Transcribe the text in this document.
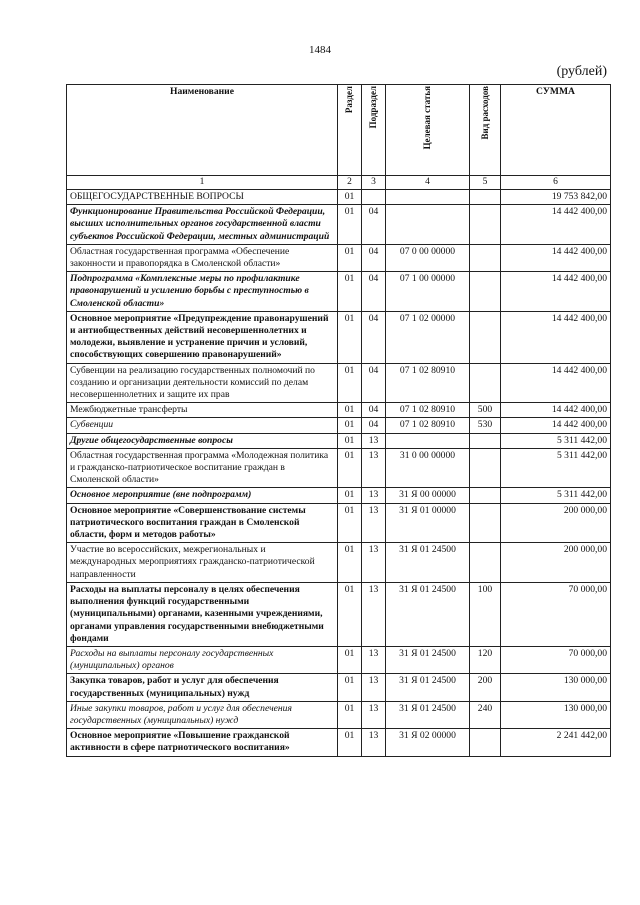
1484
(рублей)
Наименование	Раздел	Подраздел	Целевая статья	Вид расходов	СУММА
1	2	3	4	5	6
ОБЩЕГОСУДАРСТВЕННЫЕ ВОПРОСЫ	01				19 753 842,00
Функционирование Правительства Российской Федерации, высших исполнительных органов государственной власти субъектов Российской Федерации, местных администраций	01	04			14 442 400,00
Областная государственная программа «Обеспечение законности и правопорядка в Смоленской области»	01	04	07 0 00 00000		14 442 400,00
Подпрограмма «Комплексные меры по профилактике правонарушений и усилению борьбы с преступностью в Смоленской области»	01	04	07 1 00 00000		14 442 400,00
Основное мероприятие «Предупреждение правонарушений и антиобщественных действий несовершеннолетних и молодежи, выявление и устранение причин и условий, способствующих совершению правонарушений»	01	04	07 1 02 00000		14 442 400,00
Субвенции на реализацию государственных полномочий по созданию и организации деятельности комиссий по делам несовершеннолетних и защите их прав	01	04	07 1 02 80910		14 442 400,00
Межбюджетные трансферты	01	04	07 1 02 80910	500	14 442 400,00
Субвенции	01	04	07 1 02 80910	530	14 442 400,00
Другие общегосударственные вопросы	01	13			5 311 442,00
Областная государственная программа «Молодежная политика и гражданско-патриотическое воспитание граждан в Смоленской области»	01	13	31 0 00 00000		5 311 442,00
Основное мероприятие (вне подпрограмм)	01	13	31 Я 00 00000		5 311 442,00
Основное мероприятие «Совершенствование системы патриотического воспитания граждан в Смоленской области, форм и методов работы»	01	13	31 Я 01 00000		200 000,00
Участие во всероссийских, межрегиональных и международных мероприятиях гражданско-патриотической направленности	01	13	31 Я 01 24500		200 000,00
Расходы на выплаты персоналу в целях обеспечения выполнения функций государственными (муниципальными) органами, казенными учреждениями, органами управления государственными внебюджетными фондами	01	13	31 Я 01 24500	100	70 000,00
Расходы на выплаты персоналу государственных (муниципальных) органов	01	13	31 Я 01 24500	120	70 000,00
Закупка товаров, работ и услуг для обеспечения государственных (муниципальных) нужд	01	13	31 Я 01 24500	200	130 000,00
Иные закупки товаров, работ и услуг для обеспечения государственных (муниципальных) нужд	01	13	31 Я 01 24500	240	130 000,00
Основное мероприятие «Повышение гражданской активности в сфере патриотического воспитания»	01	13	31 Я 02 00000		2 241 442,00
